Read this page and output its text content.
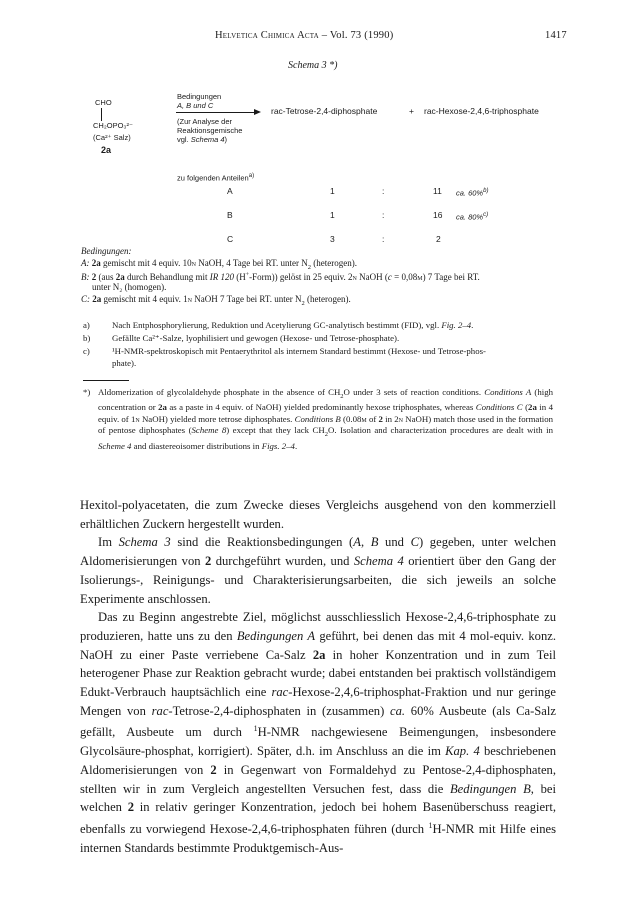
Helvetica Chimica Acta – Vol. 73 (1990)	1417
Schema 3 *)
CHO
CH₂OPO₃²⁻
(Ca²⁺ Salz)
2a
Bedingungen
A, B und C
(Zur Analyse der
Reaktionsgemische
vgl. Schema 4)
rac-Tetrose-2,4-diphosphate	+ rac-Hexose-2,4,6-triphosphate
zu folgenden Anteilen$^{a)}$
A	1	:	11 ca. 60%$^{b)}$
B	1	:	16 ca. 80%$^{c)}$
C	3	:	2
Bedingungen:
A: 2a gemischt mit 4 equiv. 10n NaOH, 4 Tage bei RT. unter $N_2$ (heterogen).
B: 2 (aus 2a durch Behandlung mit IR 120 (H+-Form)) gelöst in 25 equiv. 2n NaOH (c = 0,08m) 7 Tage bei RT.
unter N₂ (homogen).
C: 2a gemischt mit 4 equiv. 1n NaOH 7 Tage bei RT. unter $N_2$ (heterogen).
a)	Nach Entphosphorylierung, Reduktion und Acetylierung GC-analytisch bestimmt (FID), vgl. Fig. 2–4.
b) Gefällte Ca²⁺-Salze, lyophilisiert und gewogen (Hexose- und Tetrose-phosphate).
c)	¹H-NMR-spektroskopisch mit Pentaerythritol als internem Standard bestimmt (Hexose- und Tetrose-phos-
phate).
*) Aldomerization of glycolaldehyde phosphate in the absence of $CH_2O$ under 3 sets of reaction conditions. Conditions A (high concentration or 2a as a paste in 4 equiv. of NaOH) yielded predominantly hexose triphosphates, whereas Conditions C (2a in 4 equiv. of 1n NaOH) yielded more tetrose diphosphates. Conditions B (0.08m of 2 in 2n NaOH) match those used in the formation of pentose diphosphates (Scheme 8) except that they lack $CH_2O$. Isolation and characterization procedures are dealt with in Scheme 4 and diastereoisomer distributions in Figs. 2–4.

Hexitol-polyacetaten, die zum Zwecke dieses Vergleichs ausgehend von den kommerziell erhältlichen Zuckern hergestellt wurden.

Im Schema 3 sind die Reaktionsbedingungen (A, B und C) gegeben, unter welchen Aldomerisierungen von 2 durchgeführt wurden, und Schema 4 orientiert über den Gang der Isolierungs-, Reinigungs- und Charakterisierungsarbeiten, die sich jeweils an solche Experimente anschlossen.

Das zu Beginn angestrebte Ziel, möglichst ausschliesslich Hexose-2,4,6-triphosphate zu produzieren, hatte uns zu den Bedingungen A geführt, bei denen das mit 4 mol-equiv. konz. NaOH zu einer Paste verriebene Ca-Salz 2a in hoher Konzentration und in zum Teil heterogener Phase zur Reaktion gebracht wurde; dabei entstanden bei praktisch vollständigem Edukt-Verbrauch hauptsächlich eine rac-Hexose-2,4,6-triphosphat-Fraktion und nur geringe Mengen von rac-Tetrose-2,4-diphosphaten in (zusammen) ca. 60% Ausbeute (als Ca-Salz gefällt, Ausbeute um durch $^1$H-NMR nachgewiesene Beimengungen, insbesondere Glycolsäure-phosphat, korrigiert). Später, d.h. im Anschluss an die im Kap. 4 beschriebenen Aldomerisierungen von 2 in Gegenwart von Formaldehyd zu Pentose-2,4-diphosphaten, stellten wir in zum Vergleich angestellten Versuchen fest, dass die Bedingungen B, bei welchen 2 in relativ geringer Konzentration, jedoch bei hohem Basenüberschuss reagiert, ebenfalls zu vorwiegend Hexose-2,4,6-triphosphaten führen (durch $^1$H-NMR mit Hilfe eines internen Standards bestimmte Produktgemisch-Aus-
